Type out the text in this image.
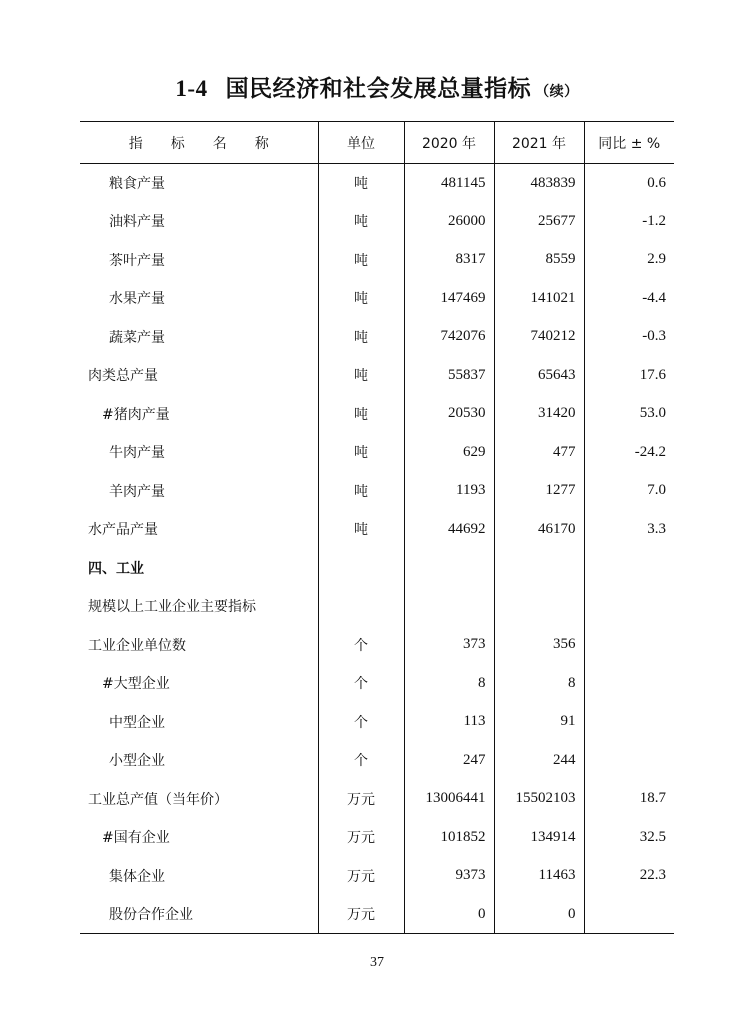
1-4 国民经济和社会发展总量指标 （续）
指标名称	单位	2020 年	2021 年	同比 ± %
粮食产量	吨	481145	483839	0.6
油料产量	吨	26000	25677	-1.2
茶叶产量	吨	8317	8559	2.9
水果产量	吨	147469	141021	-4.4
蔬菜产量	吨	742076	740212	-0.3
肉类总产量	吨	55837	65643	17.6
#猪肉产量	吨	20530	31420	53.0
牛肉产量	吨	629	477	-24.2
羊肉产量	吨	1193	1277	7.0
水产品产量	吨	44692	46170	3.3
四、工业				
规模以上工业企业主要指标				
工业企业单位数	个	373	356	
#大型企业	个	8	8	
中型企业	个	113	91	
小型企业	个	247	244	
工业总产值（当年价）	万元	13006441	15502103	18.7
#国有企业	万元	101852	134914	32.5
集体企业	万元	9373	11463	22.3
股份合作企业	万元	0	0	
37
